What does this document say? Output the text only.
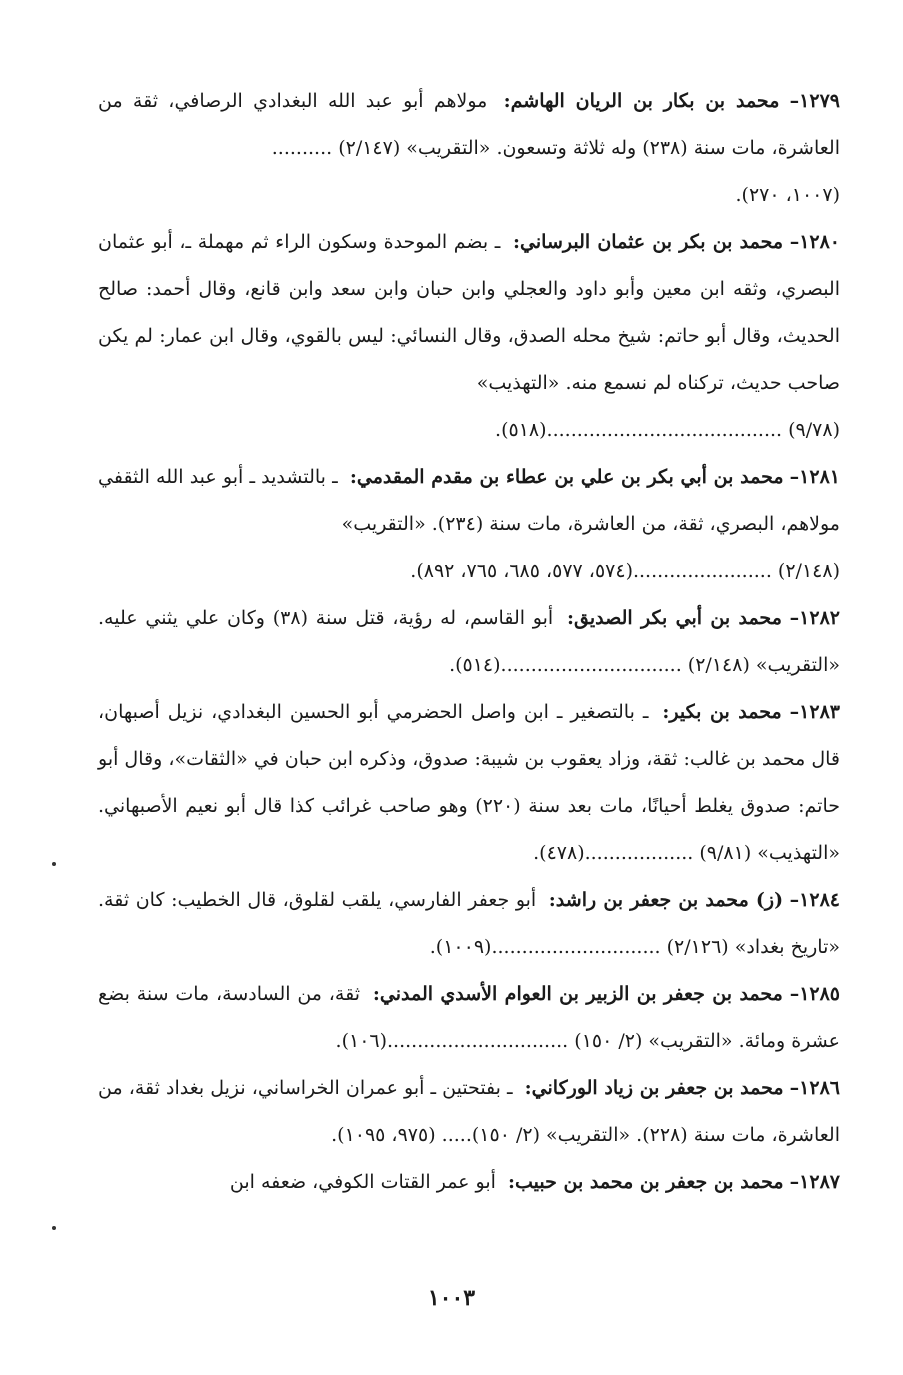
١٢٧٩– محمد بن بكار بن الريان الهاشم: مولاهم أبو عبد الله البغدادي الرصافي، ثقة من العاشرة، مات سنة (٢٣٨) وله ثلاثة وتسعون. «التقريب» (٢/١٤٧) ..........
(١٠٠٧، ٢٧٠).
١٢٨٠– محمد بن بكر بن عثمان البرساني: ـ بضم الموحدة وسكون الراء ثم مهملة ـ، أبو عثمان البصري، وثقه ابن معين وأبو داود والعجلي وابن حبان وابن سعد وابن قانع، وقال أحمد: صالح الحديث، وقال أبو حاتم: شيخ محله الصدق، وقال النسائي: ليس بالقوي، وقال ابن عمار: لم يكن صاحب حديث، تركناه لم نسمع منه. «التهذيب»
(٩/٧٨) .......................................(٥١٨).
١٢٨١– محمد بن أبي بكر بن علي بن عطاء بن مقدم المقدمي: ـ بالتشديد ـ أبو عبد الله الثقفي مولاهم، البصري، ثقة، من العاشرة، مات سنة (٢٣٤). «التقريب»
(٢/١٤٨) .......................(٥٧٤، ٥٧٧، ٦٨٥، ٧٦٥، ٨٩٢).
١٢٨٢– محمد بن أبي بكر الصديق: أبو القاسم، له رؤية، قتل سنة (٣٨) وكان علي يثني عليه. «التقريب» (٢/١٤٨) ..............................(٥١٤).
١٢٨٣– محمد بن بكير: ـ بالتصغير ـ ابن واصل الحضرمي أبو الحسين البغدادي، نزيل أصبهان، قال محمد بن غالب: ثقة، وزاد يعقوب بن شيبة: صدوق، وذكره ابن حبان في «الثقات»، وقال أبو حاتم: صدوق يغلط أحيانًا، مات بعد سنة (٢٢٠) وهو صاحب غرائب كذا قال أبو نعيم الأصبهاني. «التهذيب» (٩/٨١) ..................(٤٧٨).
١٢٨٤– (ز) محمد بن جعفر بن راشد: أبو جعفر الفارسي، يلقب لقلوق، قال الخطيب: كان ثقة. «تاريخ بغداد» (٢/١٢٦) ............................(١٠٠٩).
١٢٨٥– محمد بن جعفر بن الزبير بن العوام الأسدي المدني: ثقة، من السادسة، مات سنة بضع عشرة ومائة. «التقريب» (٢/ ١٥٠) ..............................(١٠٦).
١٢٨٦– محمد بن جعفر بن زياد الوركاني: ـ بفتحتين ـ أبو عمران الخراساني، نزيل بغداد ثقة، من العاشرة، مات سنة (٢٢٨). «التقريب» (٢/ ١٥٠)..... (٩٧٥، ١٠٩٥).
١٢٨٧– محمد بن جعفر بن محمد بن حبيب: أبو عمر القتات الكوفي، ضعفه ابن
١٠٠٣
